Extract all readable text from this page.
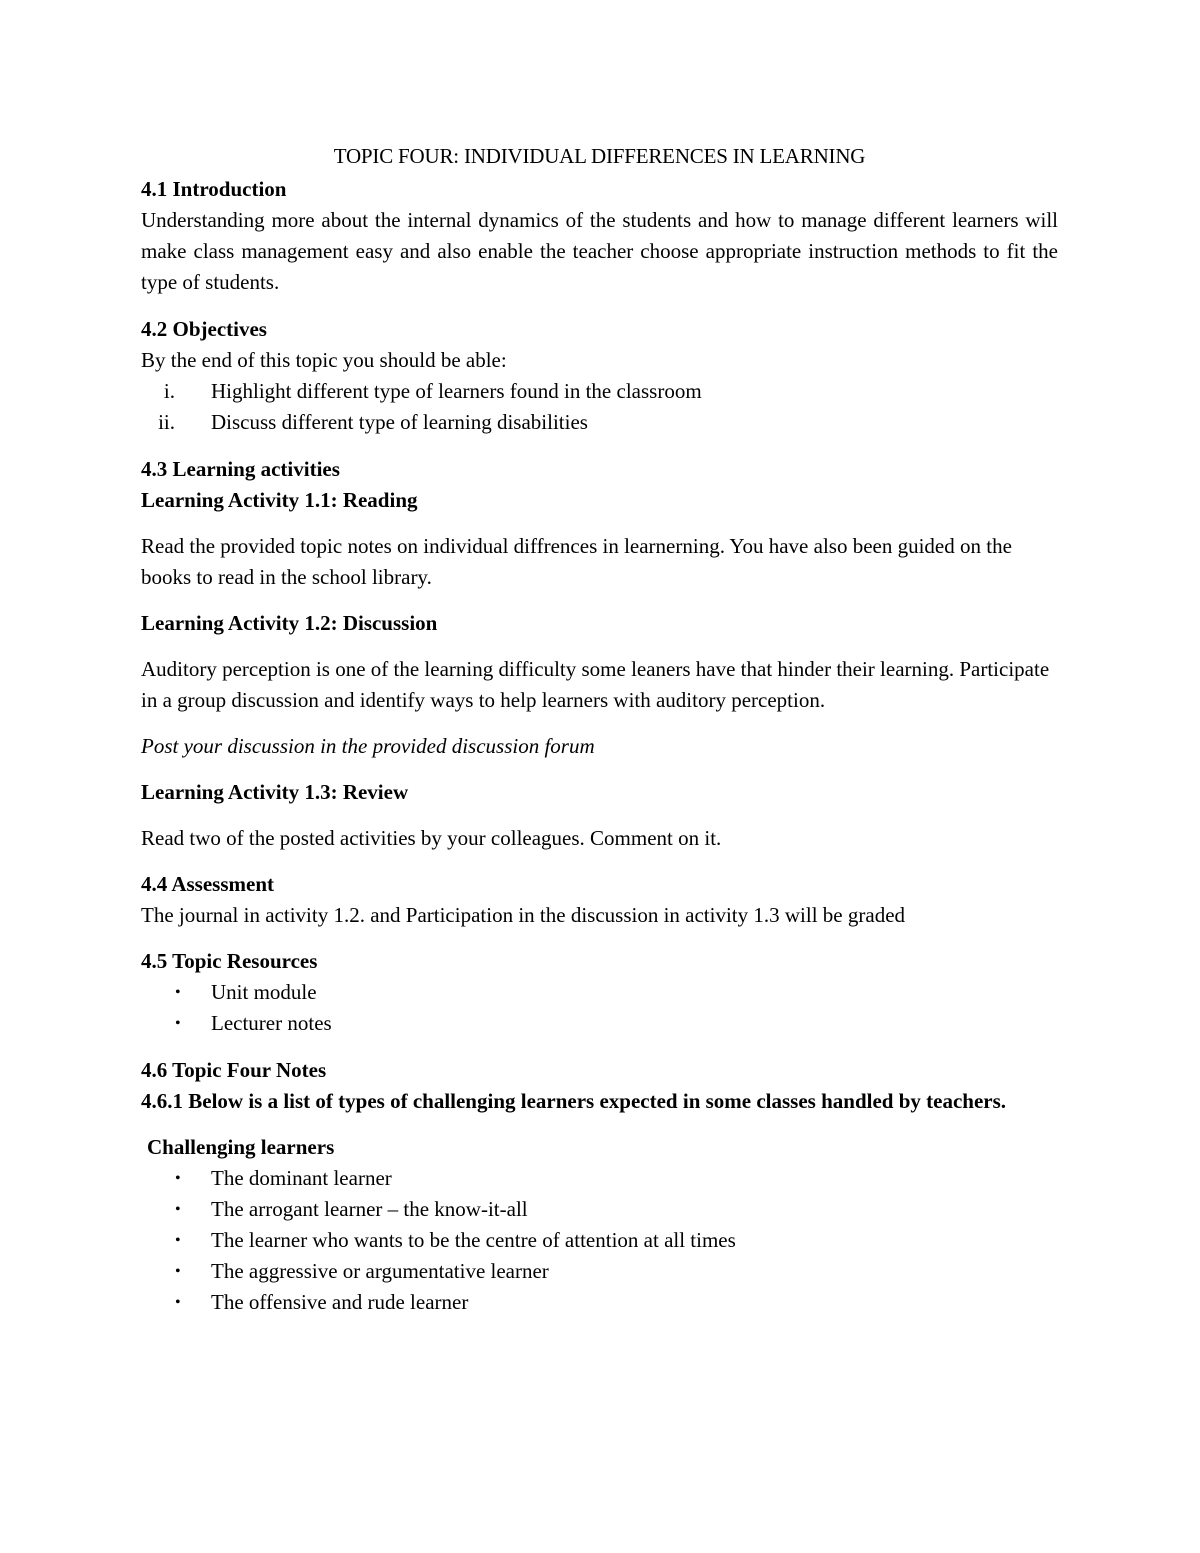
TOPIC FOUR: INDIVIDUAL DIFFERENCES IN LEARNING

4.1 Introduction

Understanding more about the internal dynamics of the students and how to manage different learners will make class management easy and also enable the teacher choose appropriate instruction methods to fit the type of students.

4.2 Objectives

By the end of this topic you should be able:

i. Highlight different type of learners found in the classroom
ii. Discuss different type of learning disabilities

4.3 Learning activities

Learning Activity 1.1: Reading

Read the provided topic notes on individual diffrences in learnerning. You have also been guided on the books to read in the school library.

Learning Activity 1.2: Discussion

Auditory perception is one of the learning difficulty some leaners have that hinder their learning. Participate in a group discussion and identify ways to help learners with auditory perception.

Post your discussion in the provided discussion forum

Learning Activity 1.3: Review

Read two of the posted activities by your colleagues. Comment on it.

4.4 Assessment

The journal in activity 1.2. and Participation in the discussion in activity 1.3 will be graded

4.5 Topic Resources

• Unit module
• Lecturer notes

4.6 Topic Four Notes

4.6.1 Below is a list of types of challenging learners expected in some classes handled by teachers.

Challenging learners

• The dominant learner
• The arrogant learner – the know-it-all
• The learner who wants to be the centre of attention at all times
• The aggressive or argumentative learner
• The offensive and rude learner
